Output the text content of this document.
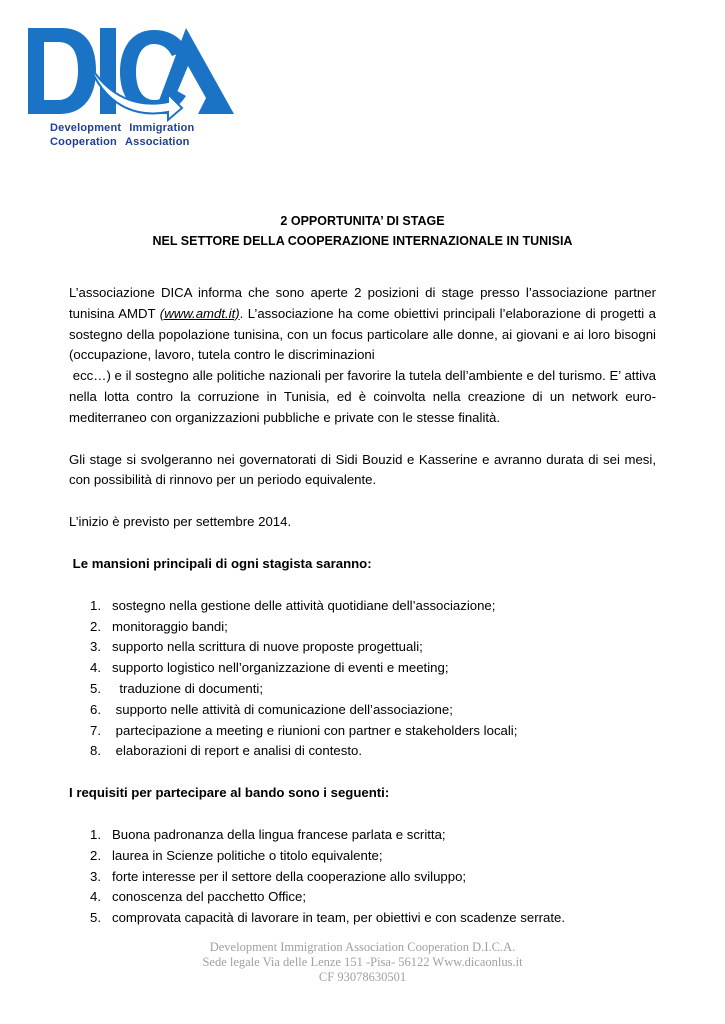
Development Immigration
Cooperation Association
2 OPPORTUNITA’ DI STAGE
NEL SETTORE DELLA COOPERAZIONE INTERNAZIONALE IN TUNISIA

L’associazione DICA informa che sono aperte 2 posizioni di stage presso l’associazione partner tunisina AMDT (www.amdt.it). L’associazione ha come obiettivi principali l’elaborazione di progetti a sostegno della popolazione tunisina, con un focus particolare alle donne, ai giovani e ai loro bisogni (occupazione, lavoro, tutela contro le discriminazioni

ecc…) e il sostegno alle politiche nazionali per favorire la tutela dell’ambiente e del turismo. E’ attiva nella lotta contro la corruzione in Tunisia, ed è coinvolta nella creazione di un network euro-mediterraneo con organizzazioni pubbliche e private con le stesse finalità.

Gli stage si svolgeranno nei governatorati di Sidi Bouzid e Kasserine e avranno durata di sei mesi, con possibilità di rinnovo per un periodo equivalente.

L’inizio è previsto per settembre 2014.

Le mansioni principali di ogni stagista saranno:

1. sostegno nella gestione delle attività quotidiane dell’associazione;
2. monitoraggio bandi;
3. supporto nella scrittura di nuove proposte progettuali;
4. supporto logistico nell’organizzazione di eventi e meeting;
5. traduzione di documenti;
6. supporto nelle attività di comunicazione dell’associazione;
7. partecipazione a meeting e riunioni con partner e stakeholders locali;
8. elaborazioni di report e analisi di contesto.

I requisiti per partecipare al bando sono i seguenti:

1. Buona padronanza della lingua francese parlata e scritta;
2. laurea in Scienze politiche o titolo equivalente;
3. forte interesse per il settore della cooperazione allo sviluppo;
4. conoscenza del pacchetto Office;
5. comprovata capacità di lavorare in team, per obiettivi e con scadenze serrate.
Development Immigration Association Cooperation D.I.C.A.
Sede legale Via delle Lenze 151 -Pisa- 56122 Www.dicaonlus.it
CF 93078630501
